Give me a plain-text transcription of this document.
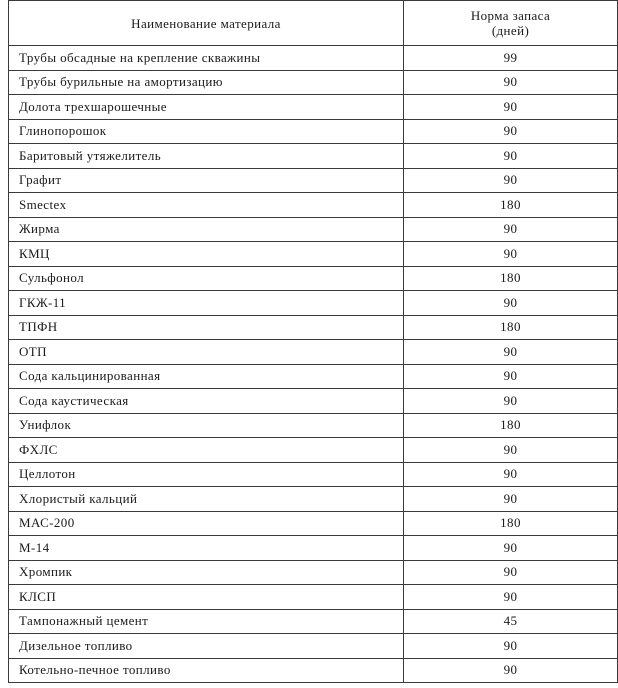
Наименование материала	Норма запаса
(дней)

Трубы обсадные на крепление скважины	99
Трубы бурильные на амортизацию	90
Долота трехшарошечные	90
Глинопорошок	90
Баритовый утяжелитель	90
Графит	90
Smectex	180
Жирма	90
КМЦ	90
Сульфонол	180
ГКЖ-11	90
ТПФН	180
ОТП	90
Сода кальцинированная	90
Сода каустическая	90
Унифлок	180
ФХЛС	90
Целлотон	90
Хлористый кальций	90
МАС-200	180
М-14	90
Хромпик	90
КЛСП	90
Тампонажный цемент	45
Дизельное топливо	90
Котельно-печное топливо	90
